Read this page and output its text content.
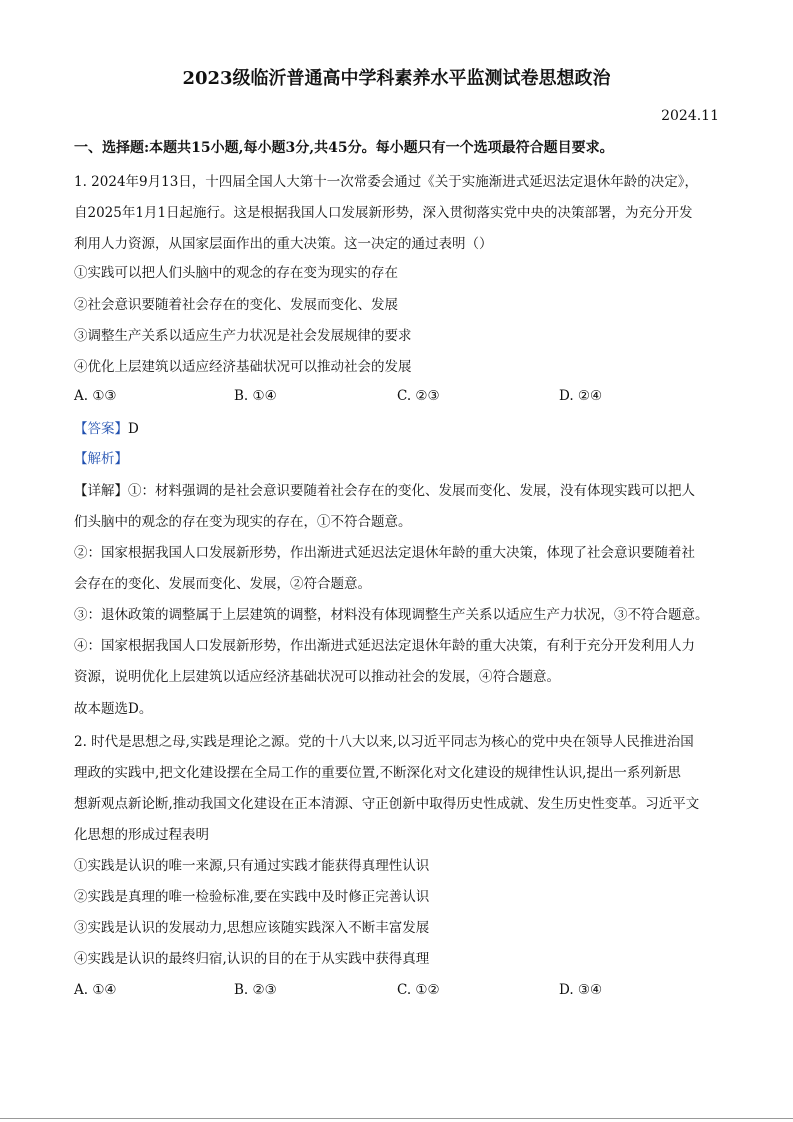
2023级临沂普通高中学科素养水平监测试卷思想政治
2024.11
一、选择题:本题共15小题,每小题3分,共45分。每小题只有一个选项最符合题目要求。
1. 2024年9月13日，十四届全国人大第十一次常委会通过《关于实施渐进式延迟法定退休年龄的决定》，
自2025年1月1日起施行。这是根据我国人口发展新形势，深入贯彻落实党中央的决策部署，为充分开发
利用人力资源，从国家层面作出的重大决策。这一决定的通过表明（）
①实践可以把人们头脑中的观念的存在变为现实的存在
②社会意识要随着社会存在的变化、发展而变化、发展
③调整生产关系以适应生产力状况是社会发展规律的要求
④优化上层建筑以适应经济基础状况可以推动社会的发展
A. ①③	B. ①④	C. ②③	D. ②④
【答案】D
【解析】
【详解】①：材料强调的是社会意识要随着社会存在的变化、发展而变化、发展，没有体现实践可以把人
们头脑中的观念的存在变为现实的存在，①不符合题意。
②：国家根据我国人口发展新形势，作出渐进式延迟法定退休年龄的重大决策，体现了社会意识要随着社
会存在的变化、发展而变化、发展，②符合题意。
③：退休政策的调整属于上层建筑的调整，材料没有体现调整生产关系以适应生产力状况，③不符合题意。
④：国家根据我国人口发展新形势，作出渐进式延迟法定退休年龄的重大决策，有利于充分开发利用人力
资源，说明优化上层建筑以适应经济基础状况可以推动社会的发展，④符合题意。
故本题选D。
2. 时代是思想之母,实践是理论之源。党的十八大以来,以习近平同志为核心的党中央在领导人民推进治国
理政的实践中,把文化建设摆在全局工作的重要位置,不断深化对文化建设的规律性认识,提出一系列新思
想新观点新论断,推动我国文化建设在正本清源、守正创新中取得历史性成就、发生历史性变革。习近平文
化思想的形成过程表明
①实践是认识的唯一来源,只有通过实践才能获得真理性认识
②实践是真理的唯一检验标准,要在实践中及时修正完善认识
③实践是认识的发展动力,思想应该随实践深入不断丰富发展
④实践是认识的最终归宿,认识的目的在于从实践中获得真理
A. ①④	B. ②③	C. ①②	D. ③④
